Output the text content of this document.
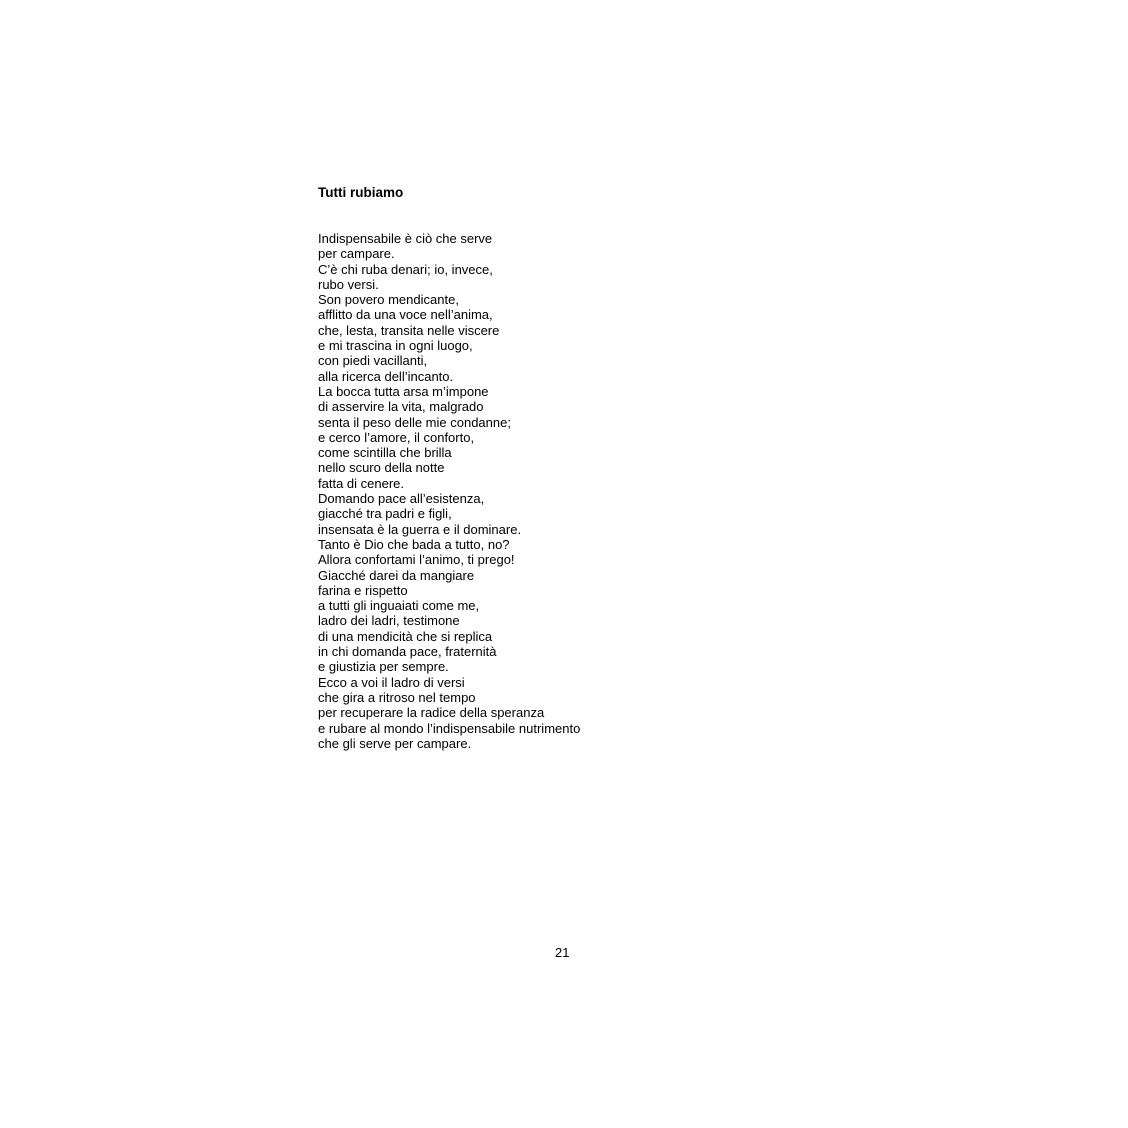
Tutti rubiamo
Indispensabile è ciò che serve
per campare.
C’è chi ruba denari; io, invece,
rubo versi.
Son povero mendicante,
afflitto da una voce nell’anima,
che, lesta, transita nelle viscere
e mi trascina in ogni luogo,
con piedi vacillanti,
alla ricerca dell’incanto.
La bocca tutta arsa m’impone
di asservire la vita, malgrado
senta il peso delle mie condanne;
e cerco l’amore, il conforto,
come scintilla che brilla
nello scuro della notte
fatta di cenere.
Domando pace all’esistenza,
giacché tra padri e figli,
insensata è la guerra e il dominare.
Tanto è Dio che bada a tutto, no?
Allora confortami l’animo, ti prego!
Giacché darei da mangiare
farina e rispetto
a tutti gli inguaiati come me,
ladro dei ladri, testimone
di una mendicità che si replica
in chi domanda pace, fraternità
e giustizia per sempre.
Ecco a voi il ladro di versi
che gira a ritroso nel tempo
per recuperare la radice della speranza
e rubare al mondo l’indispensabile nutrimento
che gli serve per campare.
21
